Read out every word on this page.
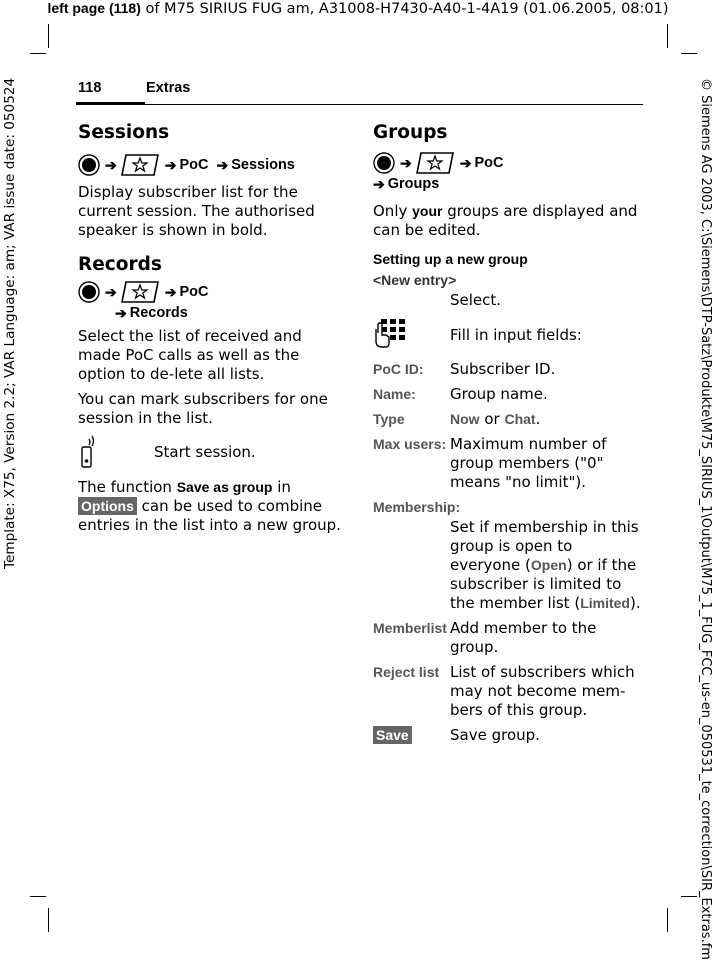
left page (118) of M75 SIRIUS FUG am, A31008-H7430-A40-1-4A19 (01.06.2005, 08:01)
Template: X75, Version 2.2; VAR Language: am; VAR issue date: 050524	© Siemens AG 2003, C:\Siemens\DTP-Satz\Produkte\M75_SIRIUS_1\Output\M75_1_FUG_FCC_us-en_050531_te_correction\SIR_Extras.fm
118	Extras
Sessions
➔	➔ PoC ➔ Sessions

Display subscriber list for the current session. The authorised speaker is shown in bold.

Records
➔	➔ PoC
➔ Records

Select the list of received and made PoC calls as well as the option to de-lete all lists.

You can mark subscribers for one session in the list.

Start session.

The function Save as group in Options can be used to combine entries in the list into a new group.

Groups
➔	➔ PoC
➔ Groups

Only your groups are displayed and can be edited.

Setting up a new group
<New entry>
Select.
Fill in input fields:
PoC ID:	Subscriber ID.
Name:	Group name.
Type	Now or Chat.
Max users: Maximum number of group members ("0" means "no limit").
Membership:
Set if membership in this group is open to everyone (Open) or if the subscriber is limited to the member list (Limited).
Memberlist Add member to the group.
Reject list List of subscribers which may not become mem-bers of this group.
Save	Save group.
